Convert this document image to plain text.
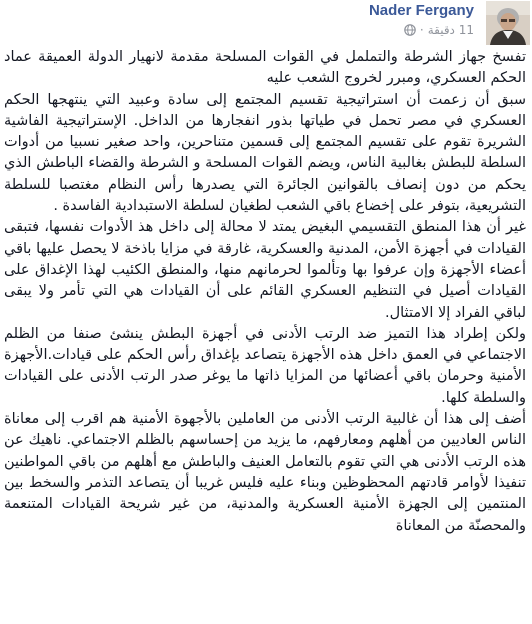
Nader Fergany
· 11 دقيقة
تفسخ جهاز الشرطة والتململ في القوات المسلحة مقدمة لانهيار الدولة العميقة عماد الحكم العسكري، ومبرر لخروج الشعب عليه
سبق أن زعمت أن استراتيجية تقسيم المجتمع إلى سادة وعبيد التي ينتهجها الحكم العسكري في مصر تحمل في طياتها بذور انفجارها من الداخل. الإستراتيجية الفاشية الشريرة تقوم على تقسيم المجتمع إلى قسمين متناحرين، واحد صغير نسبيا من أدوات السلطة للبطش بغالبية الناس، ويضم القوات المسلحة و الشرطة والقضاء الباطش الذي يحكم من دون إنصاف بالقوانين الجائرة التي يصدرها رأس النظام مغتصبا للسلطة التشريعية، بتوفر على إخضاع باقي الشعب لطغيان لسلطة الاستبدادية الفاسدة .
غير أن هذا المنطق التقسيمي البغيض يمتد لا محالة إلى داخل هذ الأدوات نفسها، فتبقى القيادات في أجهزة الأمن، المدنية والعسكرية، غارقة في مزايا باذخة لا يحصل عليها باقي أعضاء الأجهزة وإن عرفوا بها وتألموا لحرمانهم منها، والمنطق الكئيب لهذا الإغداق على القيادات أصيل في التنظيم العسكري القائم على أن القيادات هي التي تأمر ولا يبقى لباقي الفراد إلا الامتثال.
ولكن إطراد هذا التميز ضد الرتب الأدنى في أجهزة البطش ينشئ صنفا من الظلم الاجتماعي في العمق داخل هذه الأجهزة يتصاعد بإغداق رأس الحكم على قيادات.الأجهزة الأمنية وحرمان باقي أعضائها من المزايا ذاتها ما يوغر صدر الرتب الأدنى على القيادات والسلطة كلها.
أضف إلى هذا أن غالبية الرتب الأدنى من العاملين بالأجهوة الأمنية هم اقرب إلى معاناة الناس العاديين من أهلهم ومعارفهم، ما يزيد من إحساسهم بالظلم الاجتماعي. ناهيك عن هذه الرتب الأدنى هي التي تقوم بالتعامل العنيف والباطش مع أهلهم من باقي المواطنين تنفيذا لأوامر قادتهم المحظوظين وبناء عليه فليس غريبا أن يتصاعد التذمر والسخط بين المنتمين إلى الجهزة الأمنية العسكرية والمدنية، من غير شريحة القيادات المتنعمة والمحصنّة من المعاناة
